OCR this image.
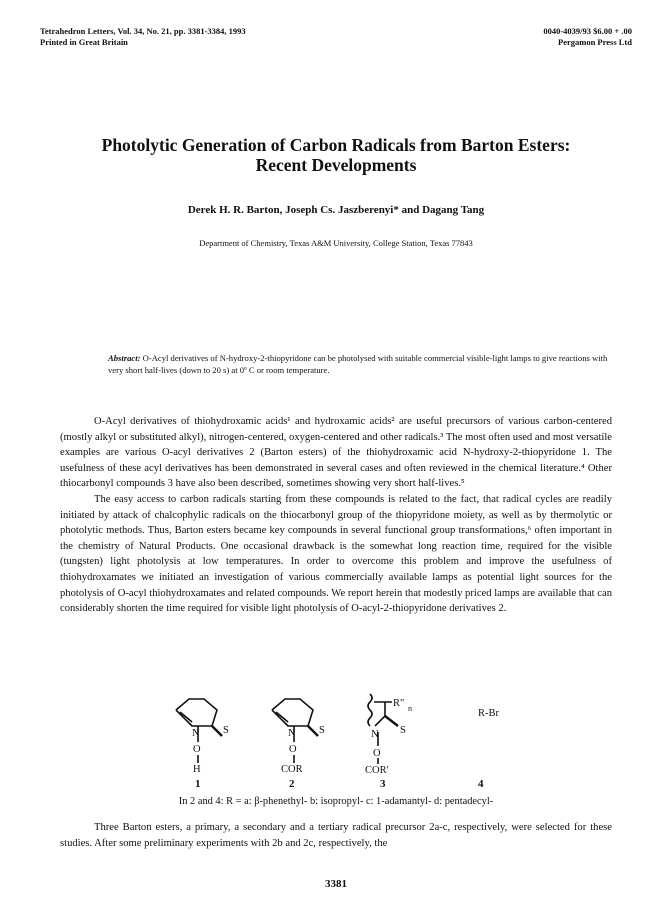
Tetrahedron Letters, Vol. 34, No. 21, pp. 3381-3384, 1993
Printed in Great Britain
0040-4039/93 $6.00 + .00
Pergamon Press Ltd
Photolytic Generation of Carbon Radicals from Barton Esters:
Recent Developments
Derek H. R. Barton, Joseph Cs. Jaszberenyi* and Dagang Tang
Department of Chemistry, Texas A&M University, College Station, Texas 77843
Abstract: O-Acyl derivatives of N-hydroxy-2-thiopyridone can be photolysed with suitable commercial visible-light lamps to give reactions with very short half-lives (down to 20 s) at 0º C or room temperature.

O-Acyl derivatives of thiohydroxamic acids¹ and hydroxamic acids² are useful precursors of various carbon-centered (mostly alkyl or substituted alkyl), nitrogen-centered, oxygen-centered and other radicals.³ The most often used and most versatile examples are various O-acyl derivatives 2 (Barton esters) of the thiohydroxamic acid N-hydroxy-2-thiopyridone 1. The usefulness of these acyl derivatives has been demonstrated in several cases and often reviewed in the chemical literature.⁴ Other thiocarbonyl compounds 3 have also been described, sometimes showing very short half-lives.⁵

The easy access to carbon radicals starting from these compounds is related to the fact, that radical cycles are readily initiated by attack of chalcophylic radicals on the thiocarbonyl group of the thiopyridone moiety, as well as by thermolytic or photolytic methods. Thus, Barton esters became key compounds in several functional group transformations,⁶ often important in the chemistry of Natural Products. One occasional drawback is the somewhat long reaction time, required for the visible (tungsten) light photolysis at low temperatures. In order to overcome this problem and improve the usefulness of thiohydroxamates we initiated an investigation of various commercially available lamps as potential light sources for the photolysis of O-acyl thiohydroxamates and related compounds. We report herein that modestly priced lamps are available that can considerably shorten the time required for visible light photolysis of O-acyl-2-thiopyridone derivatives 2.

N S
O
H
N S
O
COR
R" n
N S
O
COR'
R-Br
1	2	3	4
In 2 and 4: R = a: β-phenethyl- b: isopropyl- c: 1-adamantyl- d: pentadecyl-

Three Barton esters, a primary, a secondary and a tertiary radical precursor 2a-c, respectively, were selected for these studies. After some preliminary experiments with 2b and 2c, respectively, the

3381
